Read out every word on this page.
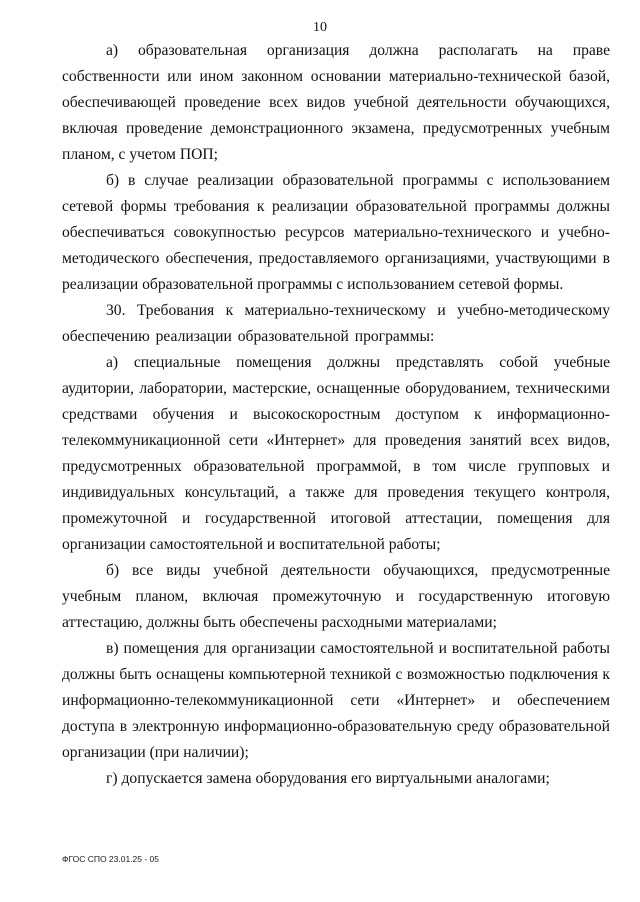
10

а) образовательная организация должна располагать на праве собственности или ином законном основании материально-технической базой, обеспечивающей проведение всех видов учебной деятельности обучающихся, включая проведение демонстрационного экзамена, предусмотренных учебным планом, с учетом ПОП;

б) в случае реализации образовательной программы с использованием сетевой формы требования к реализации образовательной программы должны обеспечиваться совокупностью ресурсов материально-технического и учебно-методического обеспечения, предоставляемого организациями, участвующими в реализации образовательной программы с использованием сетевой формы.

30. Требования к материально-техническому и учебно-методическому обеспечению реализации образовательной программы:

а) специальные помещения должны представлять собой учебные аудитории, лаборатории, мастерские, оснащенные оборудованием, техническими средствами обучения и высокоскоростным доступом к информационно-телекоммуникационной сети «Интернет» для проведения занятий всех видов, предусмотренных образовательной программой, в том числе групповых и индивидуальных консультаций, а также для проведения текущего контроля, промежуточной и государственной итоговой аттестации, помещения для организации самостоятельной и воспитательной работы;

б) все виды учебной деятельности обучающихся, предусмотренные учебным планом, включая промежуточную и государственную итоговую аттестацию, должны быть обеспечены расходными материалами;

в) помещения для организации самостоятельной и воспитательной работы должны быть оснащены компьютерной техникой с возможностью подключения к информационно-телекоммуникационной сети «Интернет» и обеспечением доступа в электронную информационно-образовательную среду образовательной организации (при наличии);

г) допускается замена оборудования его виртуальными аналогами;

ФГОС СПО 23.01.25 - 05
